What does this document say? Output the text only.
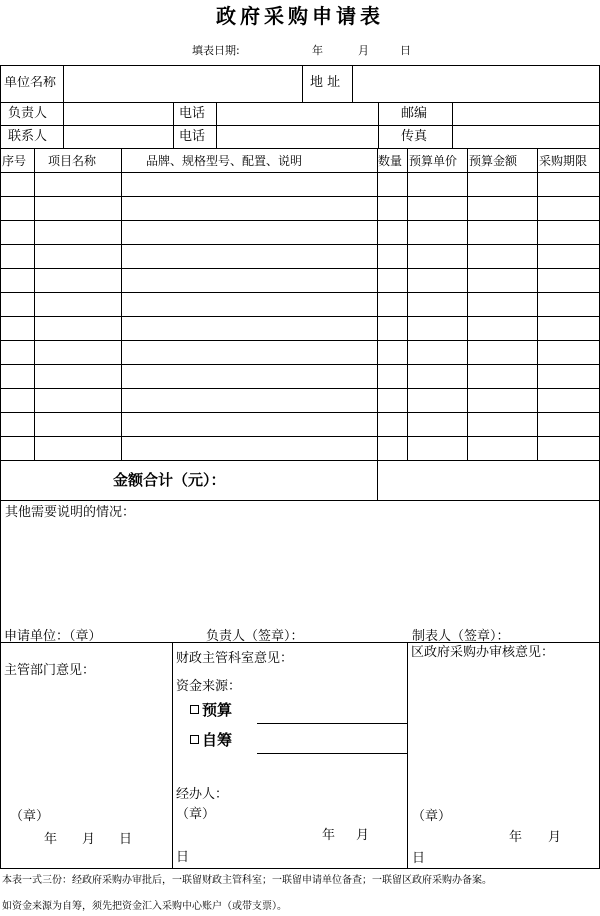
政府采购申请表
填表日期:	年	月	日
单位名称	地 址
负责人	电话	邮编
联系人	电话	传真
序号 项目名称	品牌、规格型号、配置、说明	数量 预算单价 预算金额 采购期限
金额合计（元）：
其他需要说明的情况：
申请单位：（章）	负责人（签章）：	制表人（签章）：
主管部门意见：
（章）
年 月 日
财政主管科室意见：
资金来源：
预算
自筹
经办人：
（章）
年 月
日
区政府采购办审核意见：
（章）
年 月
日
本表一式三份：经政府采购办审批后，一联留财政主管科室；一联留申请单位备查；一联留区政府采购办备案。
如资金来源为自筹，须先把资金汇入采购中心账户（或带支票）。
